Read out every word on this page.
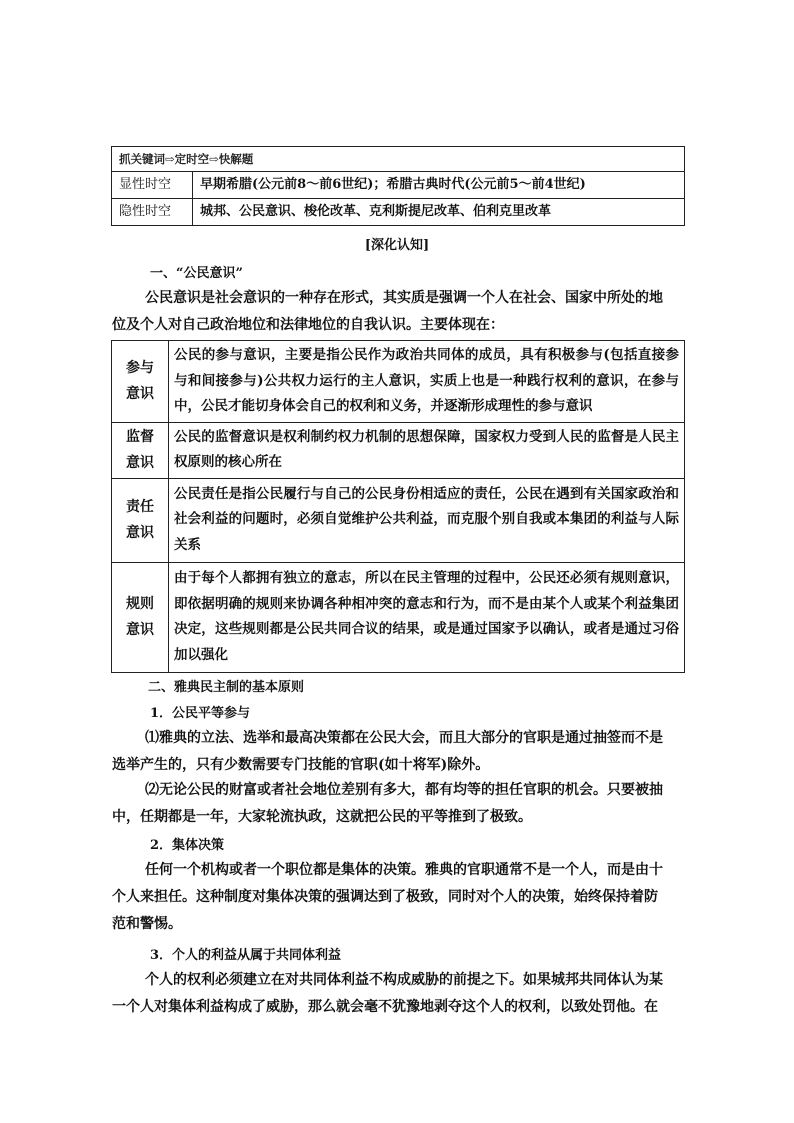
抓关键词⇨定时空⇨快解题	
显性时空	早期希腊(公元前8～前6世纪)；希腊古典时代(公元前5～前4世纪)
隐性时空	城邦、公民意识、梭伦改革、克利斯提尼改革、伯利克里改革
[深化认知]
一、“公民意识”
公民意识是社会意识的一种存在形式，其实质是强调一个人在社会、国家中所处的地
位及个人对自己政治地位和法律地位的自我认识。主要体现在：
参与
意识	公民的参与意识，主要是指公民作为政治共同体的成员，具有积极参与(包括直接参与和间接参与)公共权力运行的主人意识，实质上也是一种践行权利的意识，在参与中，公民才能切身体会自己的权利和义务，并逐渐形成理性的参与意识

监督
意识	公民的监督意识是权利制约权力机制的思想保障，国家权力受到人民的监督是人民主权原则的核心所在

责任
意识	公民责任是指公民履行与自己的公民身份相适应的责任，公民在遇到有关国家政治和社会利益的问题时，必须自觉维护公共利益，而克服个别自我或本集团的利益与人际关系

规则
意识	由于每个人都拥有独立的意志，所以在民主管理的过程中，公民还必须有规则意识，即依据明确的规则来协调各种相冲突的意志和行为，而不是由某个人或某个利益集团决定，这些规则都是公民共同合议的结果，或是通过国家予以确认，或者是通过习俗加以强化
二、雅典民主制的基本原则
1．公民平等参与
⑴雅典的立法、选举和最高决策都在公民大会，而且大部分的官职是通过抽签而不是
选举产生的，只有少数需要专门技能的官职(如十将军)除外。
⑵无论公民的财富或者社会地位差别有多大，都有均等的担任官职的机会。只要被抽
中，任期都是一年，大家轮流执政，这就把公民的平等推到了极致。
2．集体决策
任何一个机构或者一个职位都是集体的决策。雅典的官职通常不是一个人，而是由十
个人来担任。这种制度对集体决策的强调达到了极致，同时对个人的决策，始终保持着防
范和警惕。
3．个人的利益从属于共同体利益
个人的权利必须建立在对共同体利益不构成威胁的前提之下。如果城邦共同体认为某
一个人对集体利益构成了威胁，那么就会毫不犹豫地剥夺这个人的权利，以致处罚他。在
